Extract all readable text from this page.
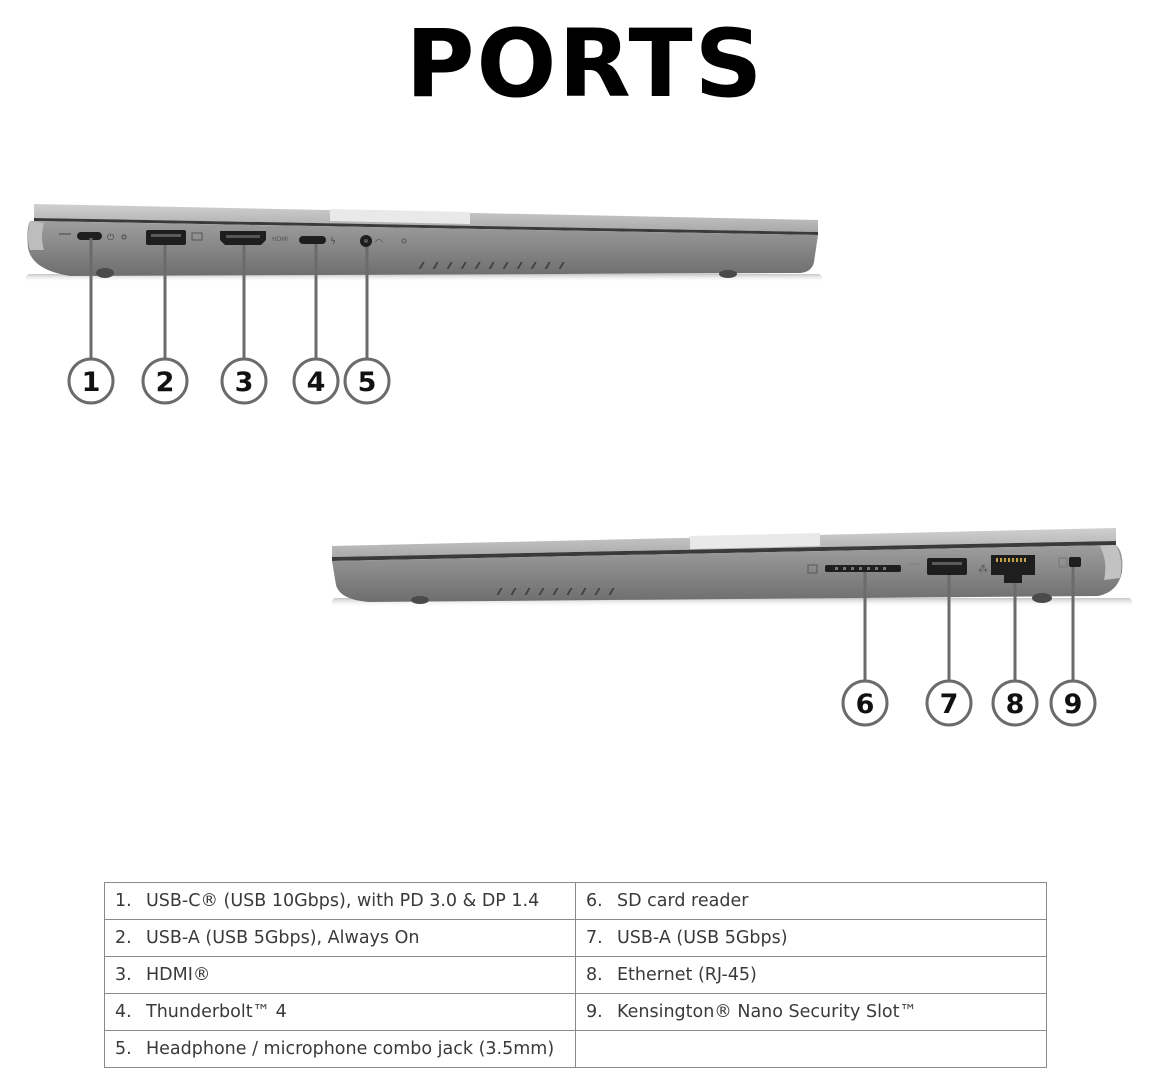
PORTS
⏻	HDMI	ϟ	◠
⁂
1 2 3 4 5
6 7 8 9
1. USB-C® (USB 10Gbps), with PD 3.0 & DP 1.4	6. SD card reader
2. USB-A (USB 5Gbps), Always On	7. USB-A (USB 5Gbps)
3. HDMI®	8. Ethernet (RJ-45)
4. Thunderbolt™ 4	9. Kensington® Nano Security Slot™
5. Headphone / microphone combo jack (3.5mm)	
